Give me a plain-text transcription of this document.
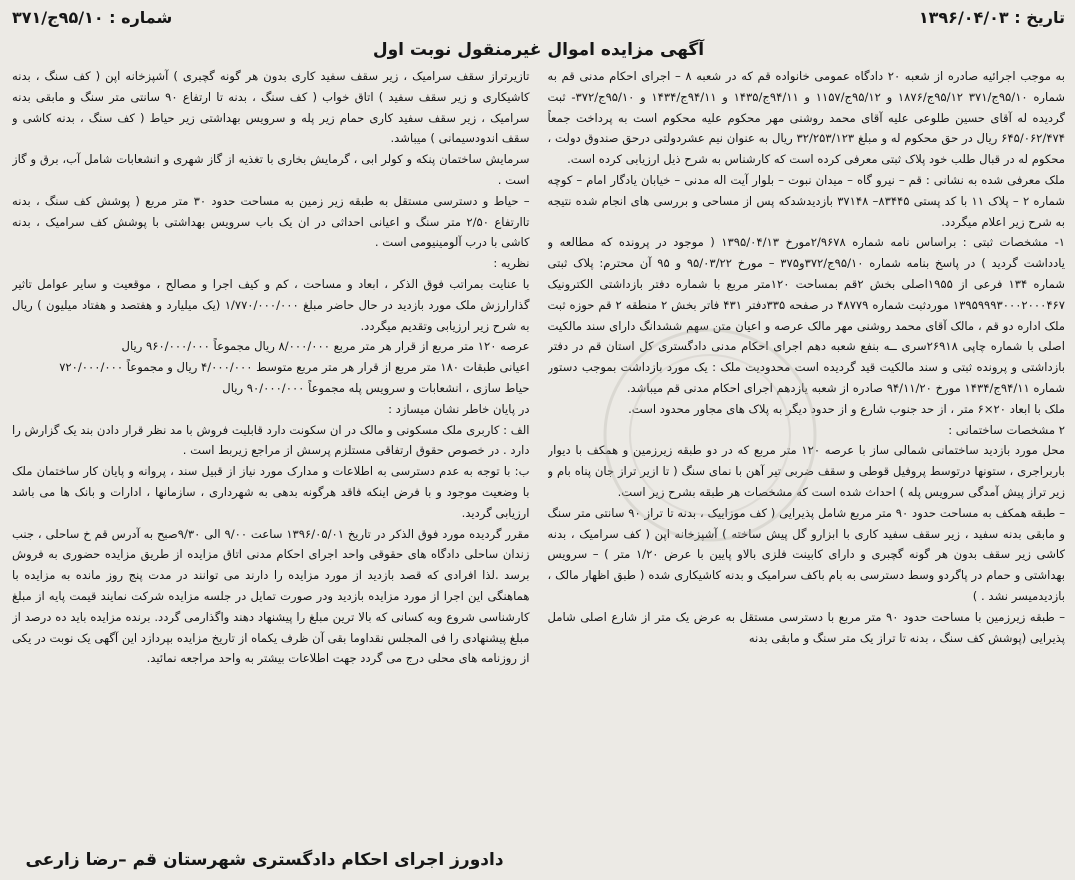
تاریخ : ۱۳۹۶/۰۴/۰۳
شماره : ۹۵/۱۰ج/۳۷۱
آگهی مزایده اموال غیرمنقول نوبت اول

به موجب اجرائیه صادره از شعبه ۲۰ دادگاه عمومی خانواده قم که در شعبه ۸ – اجرای احکام مدنی قم به شماره ۹۵/۱۰ج/۳۷۱ ۹۵/۱۲ج/۱۸۷۶ و ۹۵/۱۲ج/۱۱۵۷ و ۹۴/۱۱ج/۱۴۳۵ و ۹۴/۱۱ج/۱۴۳۴ و ۹۵/۱۰ج/۳۷۲- ثبت گردیده له آقای حسین طلوعی علیه آقای محمد روشنی مهر محکوم علیه محکوم است به پرداخت جمعاً ۶۴۵/۰۶۲/۴۷۴ ریال در حق محکوم له و مبلغ ۳۲/۲۵۳/۱۲۳ ریال به عنوان نیم عشردولتی درحق صندوق دولت ، محکوم له در قبال طلب خود پلاک ثبتی معرفی کرده است که کارشناس به شرح ذیل ارزیابی کرده است.

ملک معرفی شده به نشانی : قم – نیرو گاه – میدان نبوت – بلوار آیت اله مدنی – خیابان یادگار امام – کوچه شماره ۲ – پلاک ۱۱ با کد پستی ۸۳۴۴۵– ۳۷۱۴۸ بازدیدشدکه پس از مساحی و بررسی های انجام شده نتیجه به شرح زیر اعلام میگردد.

۱- مشخصات ثبتی : براساس نامه شماره ۲/۹۶۷۸مورخ ۱۳۹۵/۰۴/۱۳ ( موجود در پرونده که مطالعه و یادداشت گردید ) در پاسخ بنامه شماره ۹۵/۱۰ج/۳۷۲و۳۷۵ – مورخ ۹۵/۰۳/۲۲ و ۹۵ آن محترم: پلاک ثبتی شماره ۱۳۴ فرعی از ۱۹۵۵اصلی بخش ۲قم بمساحت ۱۲۰متر مربع با شماره دفتر بازداشتی الکترونیک ۱۳۹۵۹۹۹۳۰۰۰۲۰۰۰۴۶۷ موردثبت شماره ۴۸۷۷۹ در صفحه ۳۳۵دفتر ۴۳۱ فاتر بخش ۲ منطقه ۲ قم حوزه ثبت ملک اداره دو قم ، مالک آقای محمد روشنی مهر مالک عرصه و اعیان متن سهم ششدانگ دارای سند مالکیت اصلی با شماره چاپی ۲۶۹۱۸سری ــه بنفع شعبه دهم اجرای احکام مدنی دادگستری کل استان قم در دفتر بازداشتی و پرونده ثبتی و سند مالکیت قید گردیده است محدودیت ملک : یک مورد بازداشت بموجب دستور شماره ۹۴/۱۱ج/۱۴۳۴ مورخ ۹۴/۱۱/۲۰ صادره از شعبه یازدهم اجرای احکام مدنی قم میباشد.

ملک با ابعاد ۲۰×۶ متر ، از حد جنوب شارع و از حدود دیگر به پلاک های مجاور محدود است.

۲ مشخصات ساختمانی :

محل مورد بازدید ساختمانی شمالی ساز با عرصه ۱۲۰ متر مربع که در دو طبقه زیرزمین و همکف با دیوار باربراجری ، ستونها درتوسط پروفیل قوطی و سقف ضربی تیر آهن با نمای سنگ ( تا ازیر تراز جان پناه بام و زیر تراز پیش آمدگی سرویس پله ) احداث شده است که مشخصات هر طبقه بشرح زیر است.

– طبقه همکف به مساحت حدود ۹۰ متر مربع شامل پذیرایی ( کف موزاییک ، بدنه تا تراز ۹۰ سانتی متر سنگ و مابقی بدنه سفید ، زیر سقف سفید کاری با ابزارو گل پیش ساخته ) آشپزخانه اپن ( کف سرامیک ، بدنه کاشی زیر سقف بدون هر گونه گچبری و دارای کابینت فلزی بالاو پایین با عرض ۱/۲۰ متر ) – سرویس بهداشتی و حمام در پاگردو وسط دسترسی به بام باکف سرامیک و بدنه کاشیکاری شده ( طبق اظهار مالک ، بازدیدمیسر نشد . )

– طبقه زیرزمین با مساحت حدود ۹۰ متر مربع با دسترسی مستقل به عرض یک متر از شارع اصلی شامل پذیرایی (پوشش کف سنگ ، بدنه تا تراز یک متر سنگ و مابقی بدنه

تازیرتراز سقف سرامیک ، زیر سقف سفید کاری بدون هر گونه گچبری ) آشپزخانه اپن ( کف سنگ ، بدنه کاشیکاری و زیر سقف سفید ) اتاق خواب ( کف سنگ ، بدنه تا ارتفاع ۹۰ سانتی متر سنگ و مابقی بدنه سرامیک ، زیر سقف سفید کاری حمام زیر پله و سرویس بهداشتی زیر حیاط ( کف سنگ ، بدنه کاشی و سقف اندودسیمانی ) میباشد.

سرمایش ساختمان پنکه و کولر ابی ، گرمایش بخاری با تغذیه از گاز شهری و انشعابات شامل آب، برق و گاز است .

– حیاط و دسترسی مستقل به طبقه زیر زمین به مساحت حدود ۳۰ متر مربع ( پوشش کف سنگ ، بدنه تاارتفاع ۲/۵۰ متر سنگ و اعیانی احداثی در ان یک باب سرویس بهداشتی با پوشش کف سرامیک ، بدنه کاشی با درب آلومینیومی است .

نظریه :

با عنایت بمراتب فوق الذکر ، ابعاد و مساحت ، کم و کیف اجرا و مصالح ، موقعیت و سایر عوامل تاثیر گذارارزش ملک مورد بازدید در حال حاضر مبلغ ۱/۷۷۰/۰۰۰/۰۰۰ (یک میلیارد و هفتصد و هفتاد میلیون ) ریال به شرح زیر ارزیابی وتقدیم میگردد.

عرصه ۱۲۰ متر مربع از قرار هر متر مربع ۸/۰۰۰/۰۰۰ ریال مجموعاً ۹۶۰/۰۰۰/۰۰۰ ریال

اعیانی طبقات ۱۸۰ متر مربع از قرار هر متر مربع متوسط ۴/۰۰۰/۰۰۰ ریال و مجموعاً ۷۲۰/۰۰۰/۰۰۰

حیاط سازی ، انشعابات و سرویس پله مجموعاً ۹۰/۰۰۰/۰۰۰ ریال

در پایان خاطر نشان میسازد :

الف : کاربری ملک مسکونی و مالک در ان سکونت دارد قابلیت فروش با مد نظر قرار دادن بند یک گزارش را دارد . در خصوص حقوق ارتفاقی مستلزم پرسش از مراجع زیربط است .

ب: با توجه به عدم دسترسی به اطلاعات و مدارک مورد نیاز از قبیل سند ، پروانه و پایان کار ساختمان ملک با وضعیت موجود و با فرض اینکه فاقد هرگونه بدهی به شهرداری ، سازمانها ، ادارات و بانک ها می باشد ارزیابی گردید.

مقرر گردیده مورد فوق الذکر در تاریخ ۱۳۹۶/۰۵/۰۱ ساعت ۹/۰۰ الی ۹/۳۰صبح به آدرس قم خ ساحلی ، جنب زندان ساحلی دادگاه های حقوقی واحد اجرای احکام مدنی اتاق مزایده از طریق مزایده حضوری به فروش برسد .لذا افرادی که قصد بازدید از مورد مزایده را دارند می توانند در مدت پنج روز مانده به مزایده با هماهنگی این اجرا از مورد مزایده بازدید ودر صورت تمایل در جلسه مزایده شرکت نمایند قیمت پایه از مبلغ کارشناسی شروع وبه کسانی که بالا ترین مبلغ را پیشنهاد دهند واگذارمی گردد. برنده مزایده باید ده درصد از مبلغ پیشنهادی را فی المجلس نقداوما بقی آن ظرف یکماه از تاریخ مزایده بپردازد این آگهی یک نوبت در یکی از روزنامه های محلی درج می گردد جهت اطلاعات بیشتر به واحد مراجعه نمائید.

دادورز اجرای احکام دادگستری شهرستان قم –رضا زارعی
